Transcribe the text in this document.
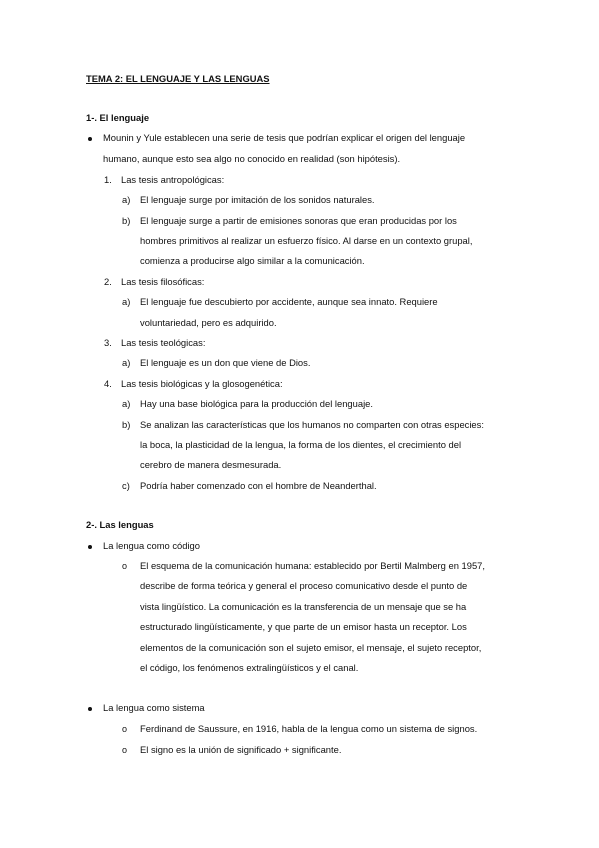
TEMA 2: EL LENGUAJE Y LAS LENGUAS
1-. El lenguaje
Mounin y Yule establecen una serie de tesis que podrían explicar el origen del lenguaje
humano, aunque esto sea algo no conocido en realidad (son hipótesis).
1. Las tesis antropológicas:
a) El lenguaje surge por imitación de los sonidos naturales.
b) El lenguaje surge a partir de emisiones sonoras que eran producidas por los
hombres primitivos al realizar un esfuerzo físico. Al darse en un contexto grupal,
comienza a producirse algo similar a la comunicación.
2. Las tesis filosóficas:
a) El lenguaje fue descubierto por accidente, aunque sea innato. Requiere
voluntariedad, pero es adquirido.
3. Las tesis teológicas:
a) El lenguaje es un don que viene de Dios.
4. Las tesis biológicas y la glosogenética:
a) Hay una base biológica para la producción del lenguaje.
b) Se analizan las características que los humanos no comparten con otras especies:
la boca, la plasticidad de la lengua, la forma de los dientes, el crecimiento del
cerebro de manera desmesurada.
c) Podría haber comenzado con el hombre de Neanderthal.
2-. Las lenguas
La lengua como código
o El esquema de la comunicación humana: establecido por Bertil Malmberg en 1957,
describe de forma teórica y general el proceso comunicativo desde el punto de
vista lingüístico. La comunicación es la transferencia de un mensaje que se ha
estructurado lingüísticamente, y que parte de un emisor hasta un receptor. Los
elementos de la comunicación son el sujeto emisor, el mensaje, el sujeto receptor,
el código, los fenómenos extralingüísticos y el canal.
La lengua como sistema
o Ferdinand de Saussure, en 1916, habla de la lengua como un sistema de signos.
o El signo es la unión de significado + significante.
